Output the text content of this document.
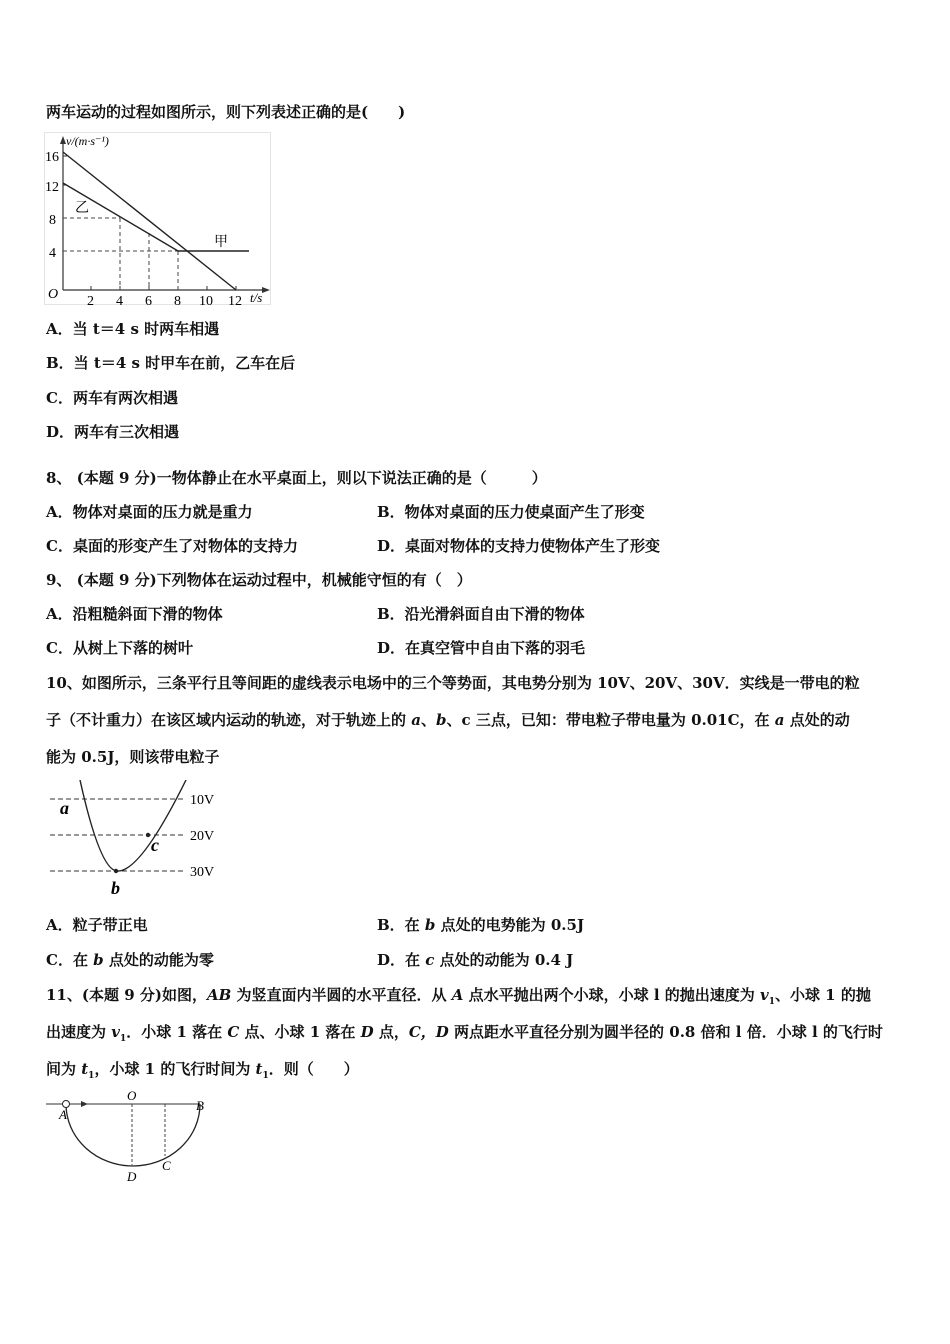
两车运动的过程如图所示，则下列表述正确的是(　　)
v/(m·s⁻¹)
t/s
O
16
12
8
4
2 4 6 8 10 12
甲
乙
A．当 t＝4 s 时两车相遇
B．当 t＝4 s 时甲车在前，乙车在后
C．两车有两次相遇
D．两车有三次相遇
8、 (本题 9 分)一物体静止在水平桌面上，则以下说法正确的是（　　　）
A．物体对桌面的压力就是重力	B．物体对桌面的压力使桌面产生了形变
C．桌面的形变产生了对物体的支持力	D．桌面对物体的支持力使物体产生了形变
9、 (本题 9 分)下列物体在运动过程中，机械能守恒的有（　）
A．沿粗糙斜面下滑的物体	B．沿光滑斜面自由下滑的物体
C．从树上下落的树叶	D．在真空管中自由下落的羽毛
10、如图所示，三条平行且等间距的虚线表示电场中的三个等势面，其电势分别为 10V、20V、30V．实线是一带电的粒
子（不计重力）在该区域内运动的轨迹，对于轨迹上的 a、b、c 三点，已知：带电粒子带电量为 0.01C，在 a 点处的动
能为 0.5J，则该带电粒子
10V
20V
30V
a
b
c
A．粒子带正电	B．在 b 点处的电势能为 0.5J
C．在 b 点处的动能为零	D．在 c 点处的动能为 0.4 J
11、(本题 9 分)如图，AB 为竖直面内半圆的水平直径．从 A 点水平抛出两个小球，小球 l 的抛出速度为 $v_1$、小球 1 的抛
出速度为 $v_1$．小球 1 落在 C 点、小球 1 落在 D 点，C，D 两点距水平直径分别为圆半径的 0.8 倍和 l 倍．小球 l 的飞行时
间为 $t_1$，小球 1 的飞行时间为 $t_1$．则（　　）
A
O
B
C
D
